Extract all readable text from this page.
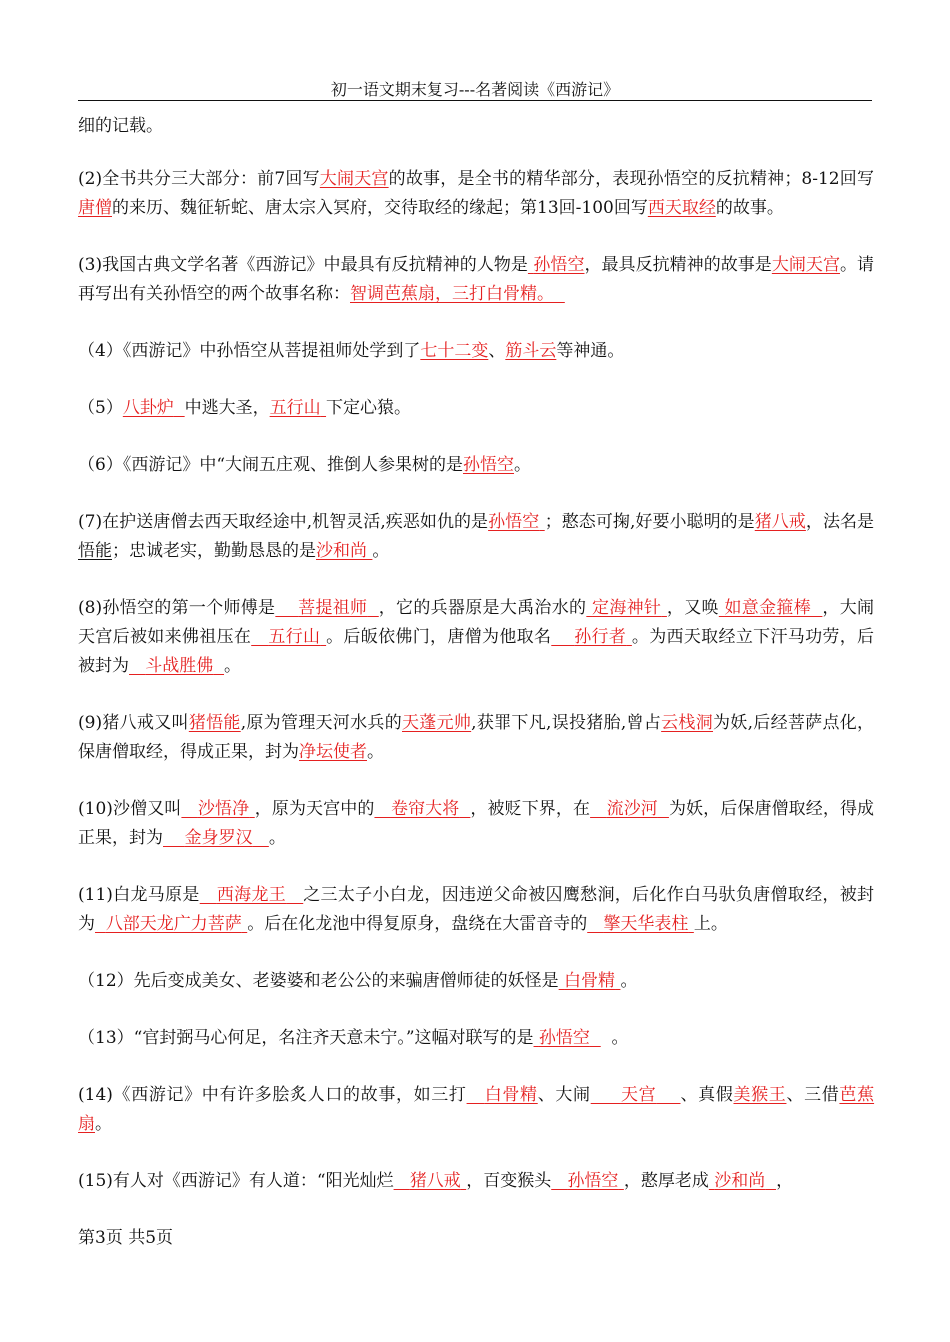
初一语文期末复习---名著阅读《西游记》
细的记载。
(2)全书共分三大部分：前7回写大闹天宫的故事，是全书的精华部分，表现孙悟空的反抗精神；8-12回写唐僧的来历、魏征斩蛇、唐太宗入冥府，交待取经的缘起；第13回-100回写西天取经的故事。
(3)我国古典文学名著《西游记》中最具有反抗精神的人物是 孙悟空，最具反抗精神的故事是大闹天宫。请再写出有关孙悟空的两个故事名称：智调芭蕉扇，三打白骨精。
（4）《西游记》中孙悟空从菩提祖师处学到了七十二变、筋斗云等神通。
（5）八卦炉 中逃大圣，五行山 下定心猿。
（6）《西游记》中“大闹五庄观、推倒人参果树的是孙悟空。
(7)在护送唐僧去西天取经途中,机智灵活,疾恶如仇的是孙悟空 ；憨态可掬,好要小聪明的是猪八戒，法名是悟能；忠诚老实，勤勤恳恳的是沙和尚 。
(8)孙悟空的第一个师傅是 菩提祖师 ，它的兵器原是大禹治水的 定海神针 ，又唤 如意金箍棒 ，大闹天宫后被如来佛祖压在 五行山 。后皈依佛门，唐僧为他取名 孙行者 。为西天取经立下汗马功劳，后被封为 斗战胜佛 。
(9)猪八戒又叫猪悟能,原为管理天河水兵的天蓬元帅,获罪下凡,误投猪胎,曾占云栈洞为妖,后经菩萨点化，保唐僧取经，得成正果，封为净坛使者。
(10)沙僧又叫 沙悟净 ，原为天宫中的 卷帘大将 ，被贬下界，在 流沙河 为妖，后保唐僧取经，得成正果，封为 金身罗汉 。
(11)白龙马原是 西海龙王 之三太子小白龙，因违逆父命被囚鹰愁涧，后化作白马驮负唐僧取经，被封为 八部天龙广力菩萨 。后在化龙池中得复原身，盘绕在大雷音寺的 擎天华表柱 上。
（12）先后变成美女、老婆婆和老公公的来骗唐僧师徒的妖怪是 白骨精 。
（13）“官封弼马心何足，名注齐天意未宁。”这幅对联写的是 孙悟空 。
(14)《西游记》中有许多脍炙人口的故事，如三打 白骨精、大闹 天宫 、真假美猴王、三借芭蕉扇。
(15)有人对《西游记》有人道：“阳光灿烂 猪八戒 ，百变猴头 孙悟空 ，憨厚老成 沙和尚 ，
第3页 共5页
